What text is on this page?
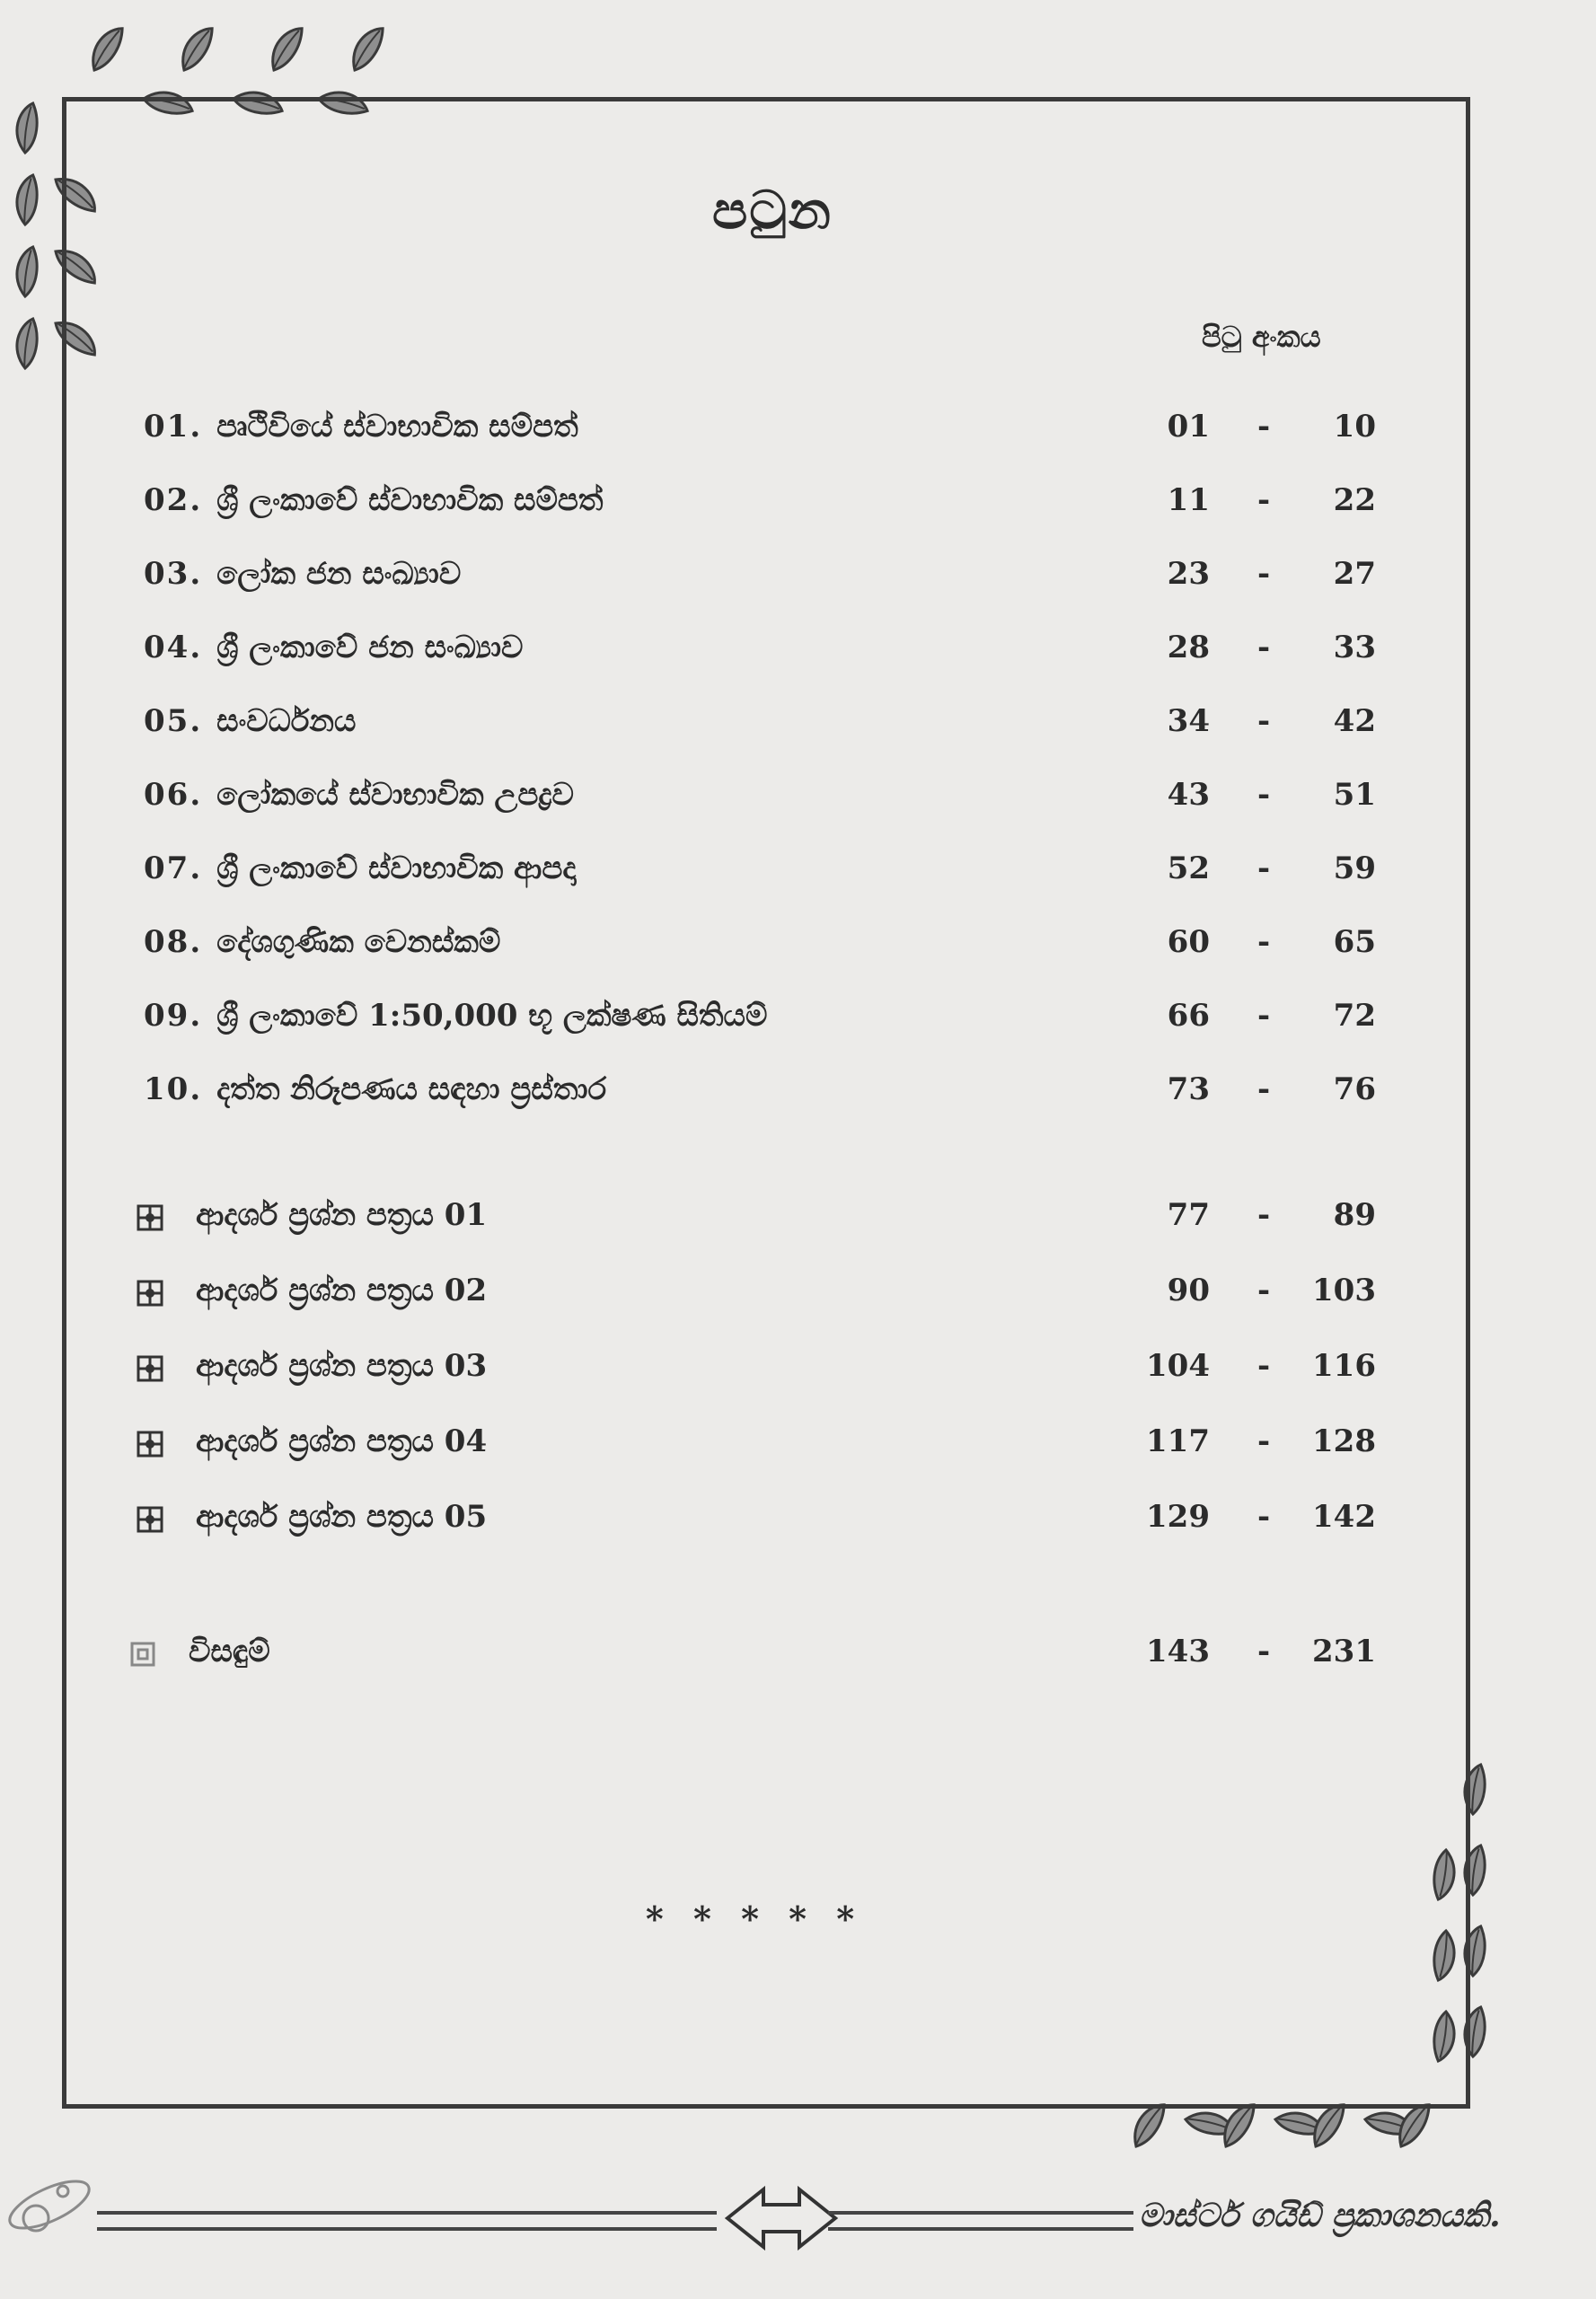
පටුන
පිටු අංකය
01. පෘථිවියේ ස්වාභාවික සම්පත්	01 - 10
02. ශ්‍රී ලංකාවේ ස්වාභාවික සම්පත්	11 - 22
03. ලෝක ජන සංඛ්‍යාව	23 - 27
04. ශ්‍රී ලංකාවේ ජන සංඛ්‍යාව	28 - 33
05. සංවර්ධනය	34 - 42
06. ලෝකයේ ස්වාභාවික උපද්‍රව	43 - 51
07. ශ්‍රී ලංකාවේ ස්වාභාවික ආපදා	52 - 59
08. දේශගුණික වෙනස්කම්	60 - 65
09. ශ්‍රී ලංකාවේ 1:50,000 භූ ලක්ෂණ සිතියම්	66 - 72
10. දත්ත නිරූපණය සඳහා ප්‍රස්තාර	73 - 76
ආදර්ශ ප්‍රශ්න පත්‍රය 01	77 - 89
ආදර්ශ ප්‍රශ්න පත්‍රය 02	90 - 103
ආදර්ශ ප්‍රශ්න පත්‍රය 03	104 - 116
ආදර්ශ ප්‍රශ්න පත්‍රය 04	117 - 128
ආදර්ශ ප්‍රශ්න පත්‍රය 05	129 - 142
විසඳුම්	143 - 231
* * * * *
මාස්ටර් ගයිඩ් ප්‍රකාශනයකි.
